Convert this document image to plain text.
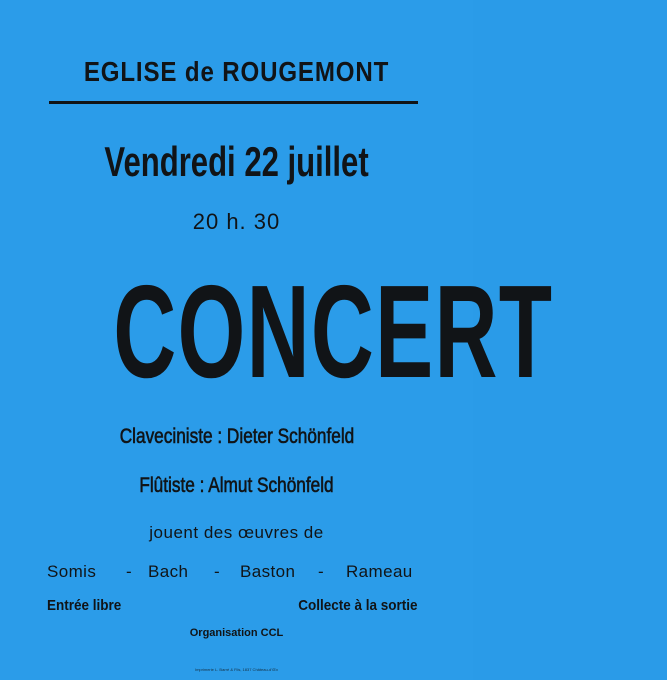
EGLISE de ROUGEMONT
Vendredi 22 juillet
20 h. 30
CONCERT
Claveciniste : Dieter Schönfeld
Flûtiste : Almut Schönfeld
jouent des œuvres de
Somis - Bach - Baston - Rameau
Entrée libre	Collecte à la sortie
Organisation CCL
Imprimerie L. Barré & Fils, 1837 Château-d'Œx
